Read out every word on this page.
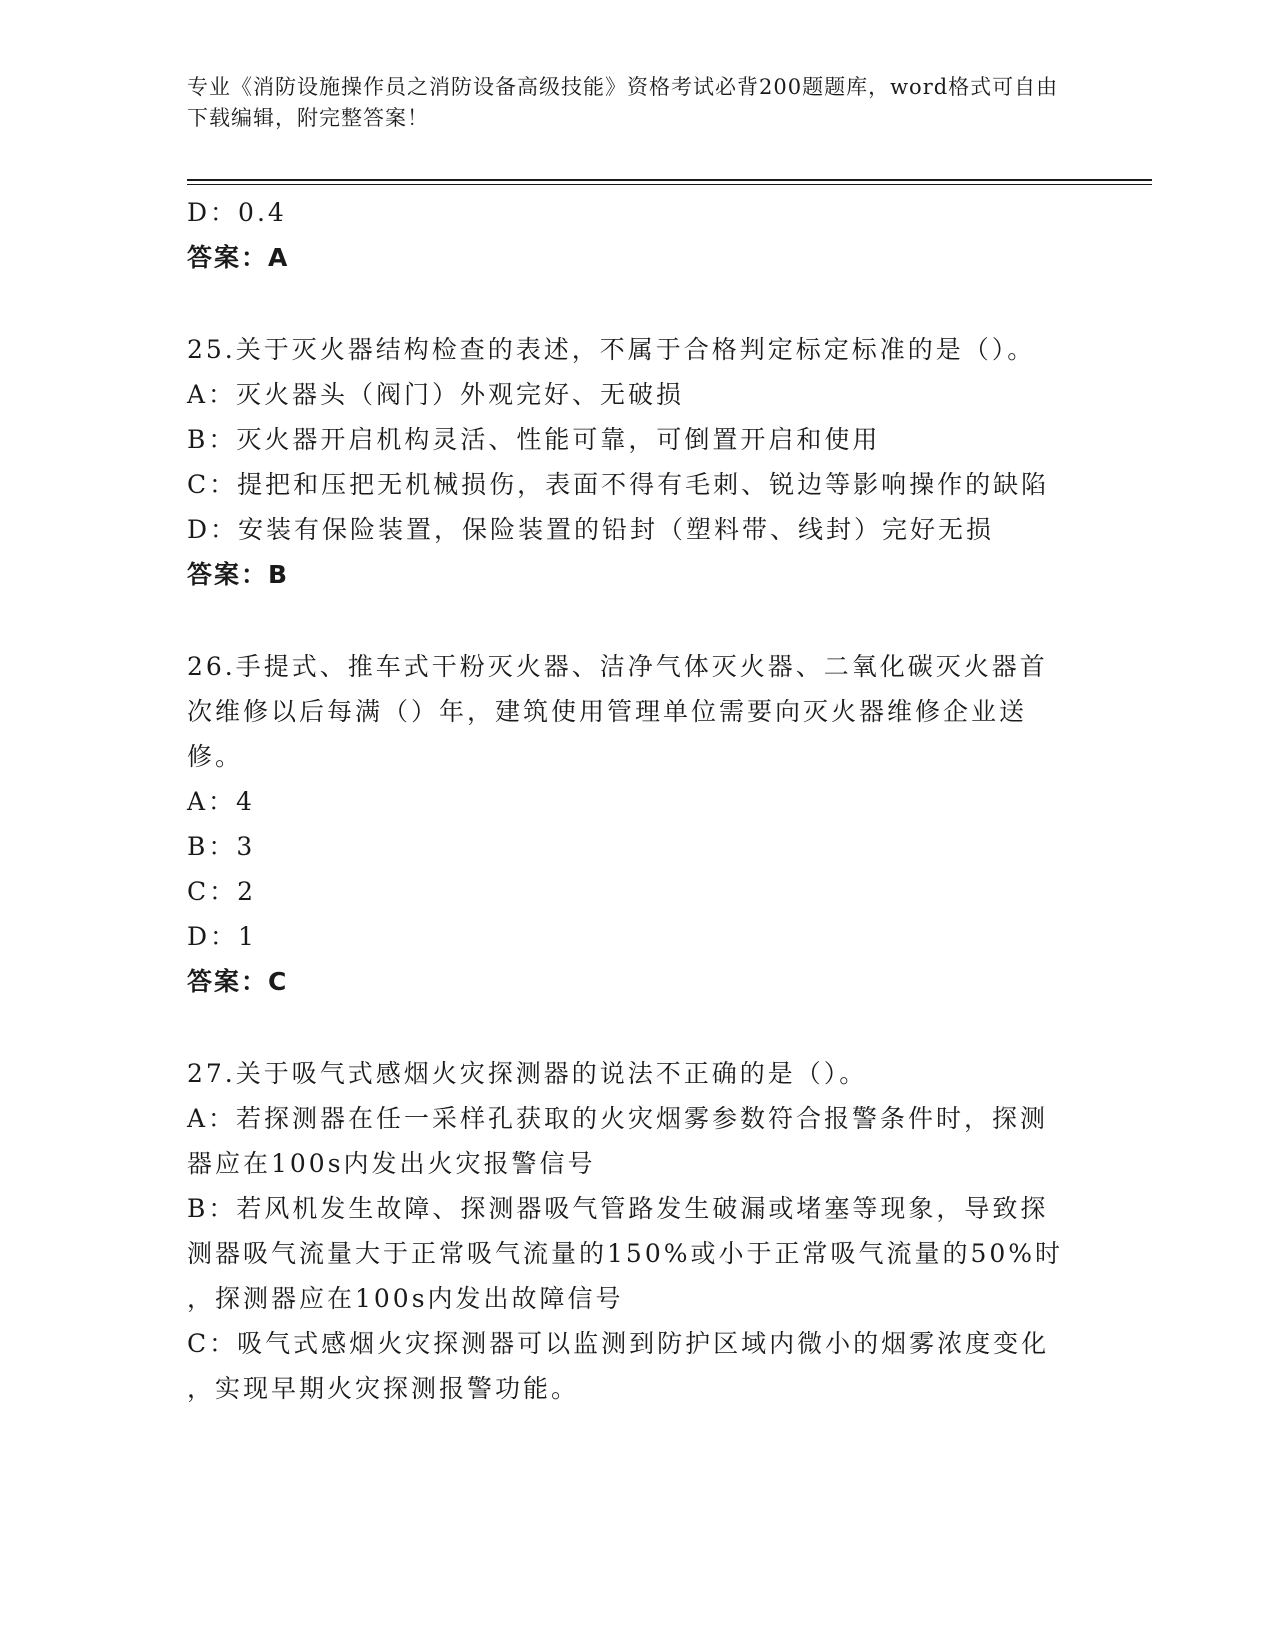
专业《消防设施操作员之消防设备高级技能》资格考试必背200题题库，word格式可自由下载编辑，附完整答案！
D：0.4
答案：A
25.关于灭火器结构检查的表述，不属于合格判定标定标准的是（）。
A：灭火器头（阀门）外观完好、无破损
B：灭火器开启机构灵活、性能可靠，可倒置开启和使用
C：提把和压把无机械损伤，表面不得有毛刺、锐边等影响操作的缺陷
D：安装有保险装置，保险装置的铅封（塑料带、线封）完好无损
答案：B
26.手提式、推车式干粉灭火器、洁净气体灭火器、二氧化碳灭火器首
次维修以后每满（）年，建筑使用管理单位需要向灭火器维修企业送
修。
A：4
B：3
C：2
D：1
答案：C
27.关于吸气式感烟火灾探测器的说法不正确的是（）。
A：若探测器在任一采样孔获取的火灾烟雾参数符合报警条件时，探测
器应在100s内发出火灾报警信号
B：若风机发生故障、探测器吸气管路发生破漏或堵塞等现象，导致探
测器吸气流量大于正常吸气流量的150%或小于正常吸气流量的50%时
，探测器应在100s内发出故障信号
C：吸气式感烟火灾探测器可以监测到防护区域内微小的烟雾浓度变化
，实现早期火灾探测报警功能。
